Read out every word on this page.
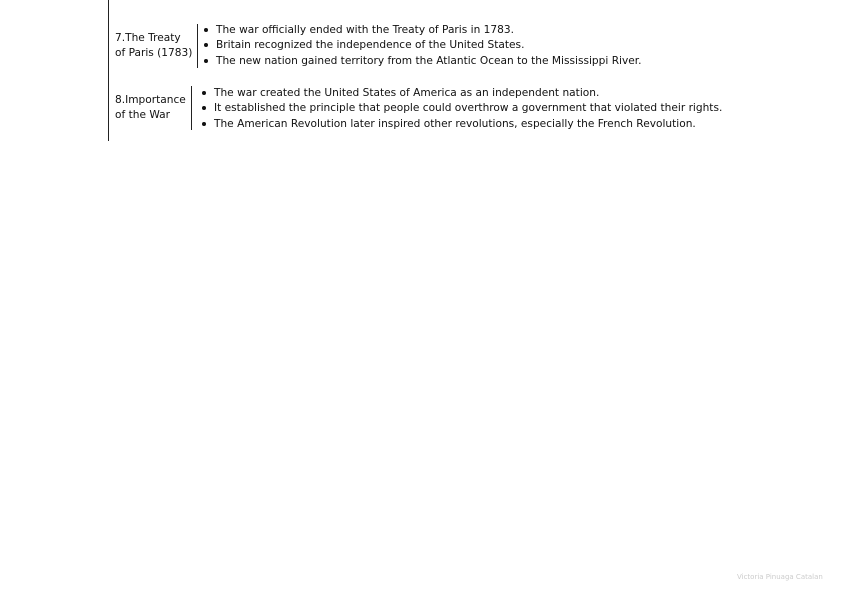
7.The Treaty
of Paris (1783)
The war officially ended with the Treaty of Paris in 1783.
Britain recognized the independence of the United States.
The new nation gained territory from the Atlantic Ocean to the Mississippi River.
8.Importance
of the War
The war created the United States of America as an independent nation.
It established the principle that people could overthrow a government that violated their rights.
The American Revolution later inspired other revolutions, especially the French Revolution.
Victoria Pinuaga Catalan
